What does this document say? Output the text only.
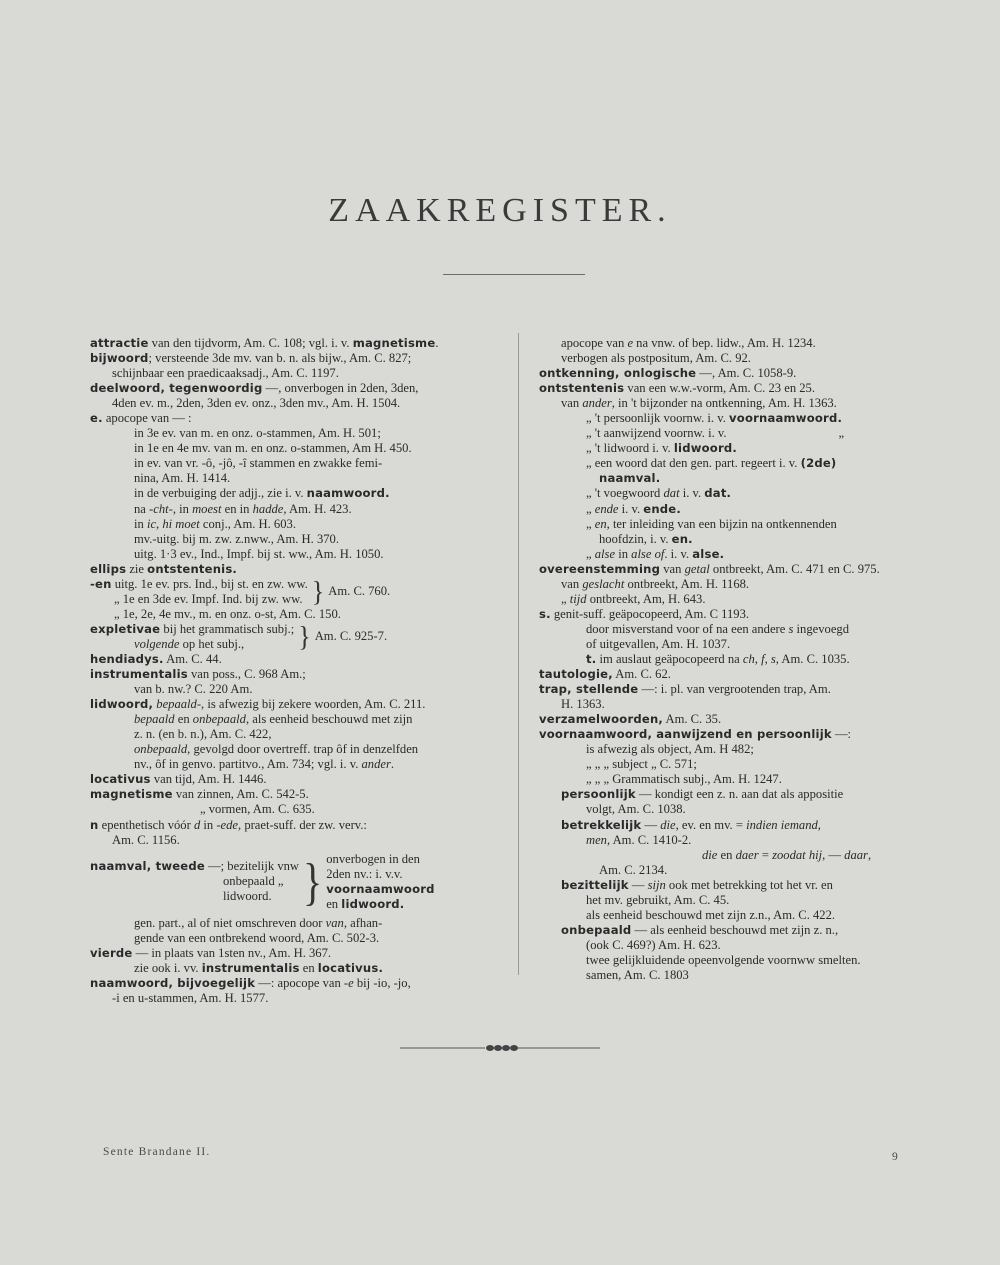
ZAAKREGISTER.
attractie van den tijdvorm, Am. C. 108; vgl. i. v. magnetisme.
bijwoord; versteende 3de mv. van b. n. als bijw., Am. C. 827;
schijnbaar een praedicaaksadj., Am. C. 1197.
deelwoord, tegenwoordig —, onverbogen in 2den, 3den,
4den ev. m., 2den, 3den ev. onz., 3den mv., Am. H. 1504.
e. apocope van — :
in 3e ev. van m. en onz. o-stammen, Am. H. 501;
in 1e en 4e mv. van m. en onz. o-stammen, Am H. 450.
in ev. van vr. -ô, -jô, -î stammen en zwakke femi-
nina, Am. H. 1414.
in de verbuiging der adjj., zie i. v. naamwoord.
na -cht-, in moest en in hadde, Am. H. 423.
in ic, hi moet conj., Am. H. 603.
mv.-uitg. bij m. zw. z.nww., Am. H. 370.
uitg. 1·3 ev., Ind., Impf. bij st. ww., Am. H. 1050.
ellips zie ontstentenis.
-en uitg. 1e ev. prs. Ind., bij st. en zw. ww.
„ 1e en 3de ev. Impf. Ind. bij zw. ww. } Am. C. 760.
„ 1e, 2e, 4e mv., m. en onz. o-st, Am. C. 150.
expletivae bij het grammatisch subj.;
volgende op het subj.,	} Am. C. 925-7.
hendiadys. Am. C. 44.
instrumentalis van poss., C. 968 Am.;
van b. nw.? C. 220 Am.
lidwoord, bepaald-, is afwezig bij zekere woorden, Am. C. 211.
bepaald en onbepaald, als eenheid beschouwd met zijn
z. n. (en b. n.), Am. C. 422,
onbepaald, gevolgd door overtreff. trap ôf in denzelfden
nv., ôf in genvo. partitvo., Am. 734; vgl. i. v. ander.
locativus van tijd, Am. H. 1446.
magnetisme van zinnen, Am. C. 542-5.
„ vormen, Am. C. 635.
n epenthetisch vóór d in -ede, praet-suff. der zw. verv.:
Am. C. 1156.
naamval, tweede —; bezitelijk vnw
onbepaald „
lidwoord. } onverbogen in den
2den nv.: i. v.v.
voornaamwoord
en lidwoord.
gen. part., al of niet omschreven door van, afhan-
gende van een ontbrekend woord, Am. C. 502-3.
vierde — in plaats van 1sten nv., Am. H. 367.
zie ook i. vv. instrumentalis en locativus.
naamwoord, bijvoegelijk —: apocope van -e bij -io, -jo,
-i en u-stammen, Am. H. 1577.
apocope van e na vnw. of bep. lidw., Am. H. 1234.
verbogen als postpositum, Am. C. 92.
ontkenning, onlogische —, Am. C. 1058-9.
ontstentenis van een w.w.-vorm, Am. C. 23 en 25.
van ander, in 't bijzonder na ontkenning, Am. H. 1363.
„ 't persoonlijk voornw. i. v. voornaamwoord.
„ 't aanwijzend voornw. i. v.	„
„ 't lidwoord i. v. lidwoord.
„ een woord dat den gen. part. regeert i. v. (2de)
naamval.
„ 't voegwoord dat i. v. dat.
„ ende i. v. ende.
„ en, ter inleiding van een bijzin na ontkennenden
hoofdzin, i. v. en.
„ alse in alse of. i. v. alse.
overeenstemming van getal ontbreekt, Am. C. 471 en C. 975.
van geslacht ontbreekt, Am. H. 1168.
„ tijd ontbreekt, Am, H. 643.
s. genit-suff. geäpocopeerd, Am. C 1193.
door misverstand voor of na een andere s ingevoegd
of uitgevallen, Am. H. 1037.
t. im auslaut geäpocopeerd na ch, f, s, Am. C. 1035.
tautologie, Am. C. 62.
trap, stellende —: i. pl. van vergrootenden trap, Am.
H. 1363.
verzamelwoorden, Am. C. 35.
voornaamwoord, aanwijzend en persoonlijk —:
is afwezig als object, Am. H 482;
„ „ „ subject „ C. 571;
„ „ „ Grammatisch subj., Am. H. 1247.
persoonlijk — kondigt een z. n. aan dat als appositie
volgt, Am. C. 1038.
betrekkelijk — die, ev. en mv. = indien iemand,
men, Am. C. 1410-2.
die en daer = zoodat hij, — daar,
Am. C. 2134.
bezittelijk — sijn ook met betrekking tot het vr. en
het mv. gebruikt, Am. C. 45.
als eenheid beschouwd met zijn z.n., Am. C. 422.
onbepaald — als eenheid beschouwd met zijn z. n.,
(ook C. 469?) Am. H. 623.
twee gelijkluidende opeenvolgende voornww smelten.
samen, Am. C. 1803
Sente Brandane II.	9
